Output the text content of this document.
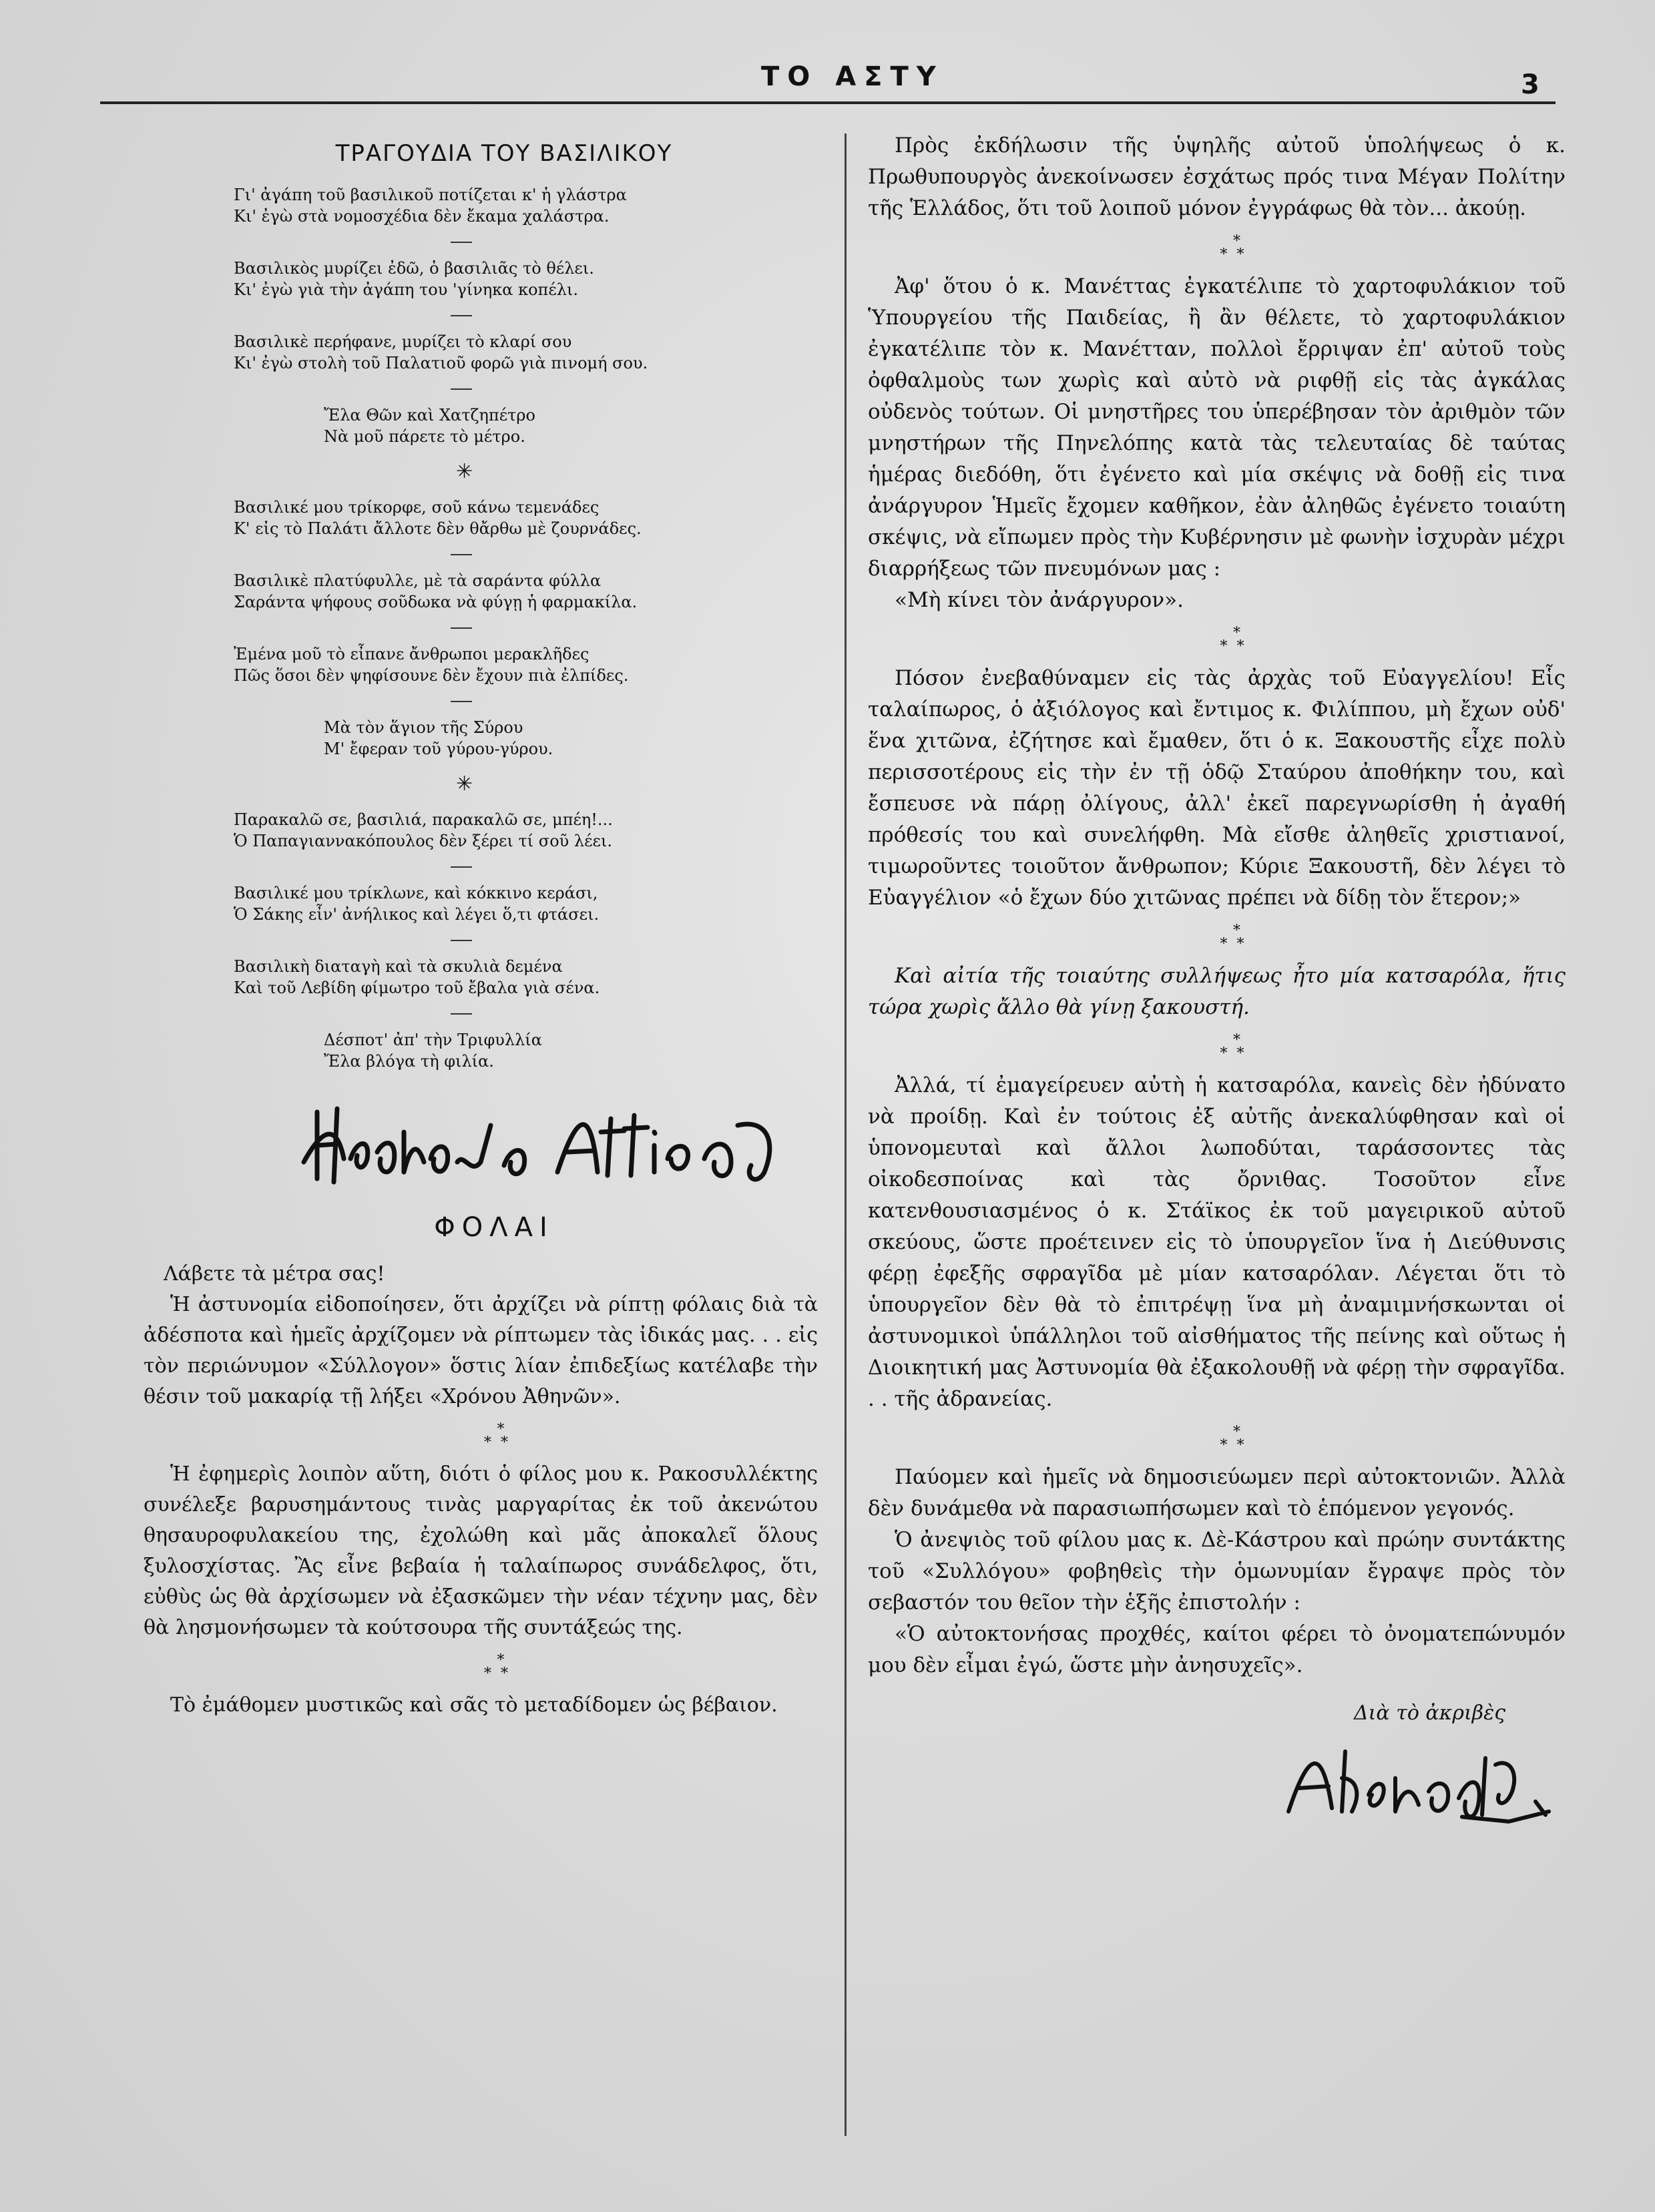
ΤΟ ΑΣΤΥ	3
ΤΡΑΓΟΥΔΙΑ ΤΟΥ ΒΑΣΙΛΙΚΟΥ
Γι' ἀγάπη τοῦ βασιλικοῦ ποτίζεται κ' ἡ γλάστρα
Κι' ἐγὼ στὰ νομοσχέδια δὲν ἔκαμα χαλάστρα.
Βασιλικὸς μυρίζει ἐδῶ, ὁ βασιλιᾶς τὸ θέλει.
Κι' ἐγὼ γιὰ τὴν ἀγάπη του 'γίνηκα κοπέλι.
Βασιλικὲ περήφανε, μυρίζει τὸ κλαρί σου
Κι' ἐγὼ στολὴ τοῦ Παλατιοῦ φορῶ γιὰ πινομή σου.
Ἔλα Θῶν καὶ Χατζηπέτρο
Νὰ μοῦ πάρετε τὸ μέτρο.
✳
Βασιλικέ μου τρίκορφε, σοῦ κάνω τεμενάδες
Κ' εἰς τὸ Παλάτι ἄλλοτε δὲν θἄρθω μὲ ζουρνάδες.
Βασιλικὲ πλατύφυλλε, μὲ τὰ σαράντα φύλλα
Σαράντα ψήφους σοῦδωκα νὰ φύγῃ ἡ φαρμακίλα.
Ἐμένα μοῦ τὸ εἶπανε ἄνθρωποι μερακλῆδες
Πῶς ὅσοι δὲν ψηφίσουνε δὲν ἔχουν πιὰ ἐλπίδες.
Μὰ τὸν ἅγιον τῆς Σύρου
Μ' ἔφεραν τοῦ γύρου-γύρου.
✳
Παρακαλῶ σε, βασιλιά, παρακαλῶ σε, μπέη!...
Ὁ Παπαγιαννακόπουλος δὲν ξέρει τί σοῦ λέει.
Βασιλικέ μου τρίκλωνε, καὶ κόκκινο κεράσι,
Ὁ Σάκης εἶν' ἀνήλικος καὶ λέγει ὅ,τι φτάσει.
Βασιλικὴ διαταγὴ καὶ τὰ σκυλιὰ δεμένα
Καὶ τοῦ Λεβίδη φίμωτρο τοῦ ἔβαλα γιὰ σένα.
Δέσποτ' ἀπ' τὴν Τριφυλλία
Ἔλα βλόγα τὴ φιλία.
ΦΟΛΑΙ

Λάβετε τὰ μέτρα σας!

Ἡ ἀστυνομία εἰδοποίησεν, ὅτι ἀρχίζει νὰ ρίπτῃ φόλαις διὰ τὰ ἀδέσποτα καὶ ἡμεῖς ἀρχίζομεν νὰ ρίπτωμεν τὰς ἰδικάς μας. . . εἰς τὸν περιώνυμον «Σύλλογον» ὅστις λίαν ἐπιδεξίως κατέλαβε τὴν θέσιν τοῦ μακαρίᾳ τῇ λήξει «Χρόνου Ἀθηνῶν».

*
**

Ἡ ἐφημερὶς λοιπὸν αὕτη, διότι ὁ φίλος μου κ. Ρακοσυλλέκτης συνέλεξε βαρυσημάντους τινὰς μαργαρίτας ἐκ τοῦ ἀκενώτου θησαυροφυλακείου της, ἐχολώθη καὶ μᾶς ἀποκαλεῖ ὅλους ξυλοσχίστας. Ἂς εἶνε βεβαία ἡ ταλαίπωρος συνάδελφος, ὅτι, εὐθὺς ὡς θὰ ἀρχίσωμεν νὰ ἐξασκῶμεν τὴν νέαν τέχνην μας, δὲν θὰ λησμονήσωμεν τὰ κούτσουρα τῆς συντάξεώς της.

*
**

Τὸ ἐμάθομεν μυστικῶς καὶ σᾶς τὸ μεταδίδομεν ὡς βέβαιον.

Πρὸς ἐκδήλωσιν τῆς ὑψηλῆς αὐτοῦ ὑπολήψεως ὁ κ. Πρωθυπουργὸς ἀνεκοίνωσεν ἐσχάτως πρός τινα Μέγαν Πολίτην τῆς Ἑλλάδος, ὅτι τοῦ λοιποῦ μόνον ἐγγράφως θὰ τὸν... ἀκούῃ.

*
**

Ἀφ' ὅτου ὁ κ. Μανέττας ἐγκατέλιπε τὸ χαρτοφυλάκιον τοῦ Ὑπουργείου τῆς Παιδείας, ἢ ἂν θέλετε, τὸ χαρτοφυλάκιον ἐγκατέλιπε τὸν κ. Μανέτταν, πολλοὶ ἔρριψαν ἐπ' αὐτοῦ τοὺς ὀφθαλμοὺς των χωρὶς καὶ αὐτὸ νὰ ριφθῇ εἰς τὰς ἀγκάλας οὐδενὸς τούτων. Οἱ μνηστῆρες του ὑπερέβησαν τὸν ἀριθμὸν τῶν μνηστήρων τῆς Πηνελόπης κατὰ τὰς τελευταίας δὲ ταύτας ἡμέρας διεδόθη, ὅτι ἐγένετο καὶ μία σκέψις νὰ δοθῇ εἰς τινα ἀνάργυρον Ἡμεῖς ἔχομεν καθῆκον, ἐὰν ἀληθῶς ἐγένετο τοιαύτη σκέψις, νὰ εἴπωμεν πρὸς τὴν Κυβέρνησιν μὲ φωνὴν ἰσχυρὰν μέχρι διαρρήξεως τῶν πνευμόνων μας :

«Μὴ κίνει τὸν ἀνάργυρον».

*
**

Πόσον ἐνεβαθύναμεν εἰς τὰς ἀρχὰς τοῦ Εὐαγγελίου! Εἷς ταλαίπωρος, ὁ ἀξιόλογος καὶ ἔντιμος κ. Φιλίππου, μὴ ἔχων οὐδ' ἕνα χιτῶνα, ἐζήτησε καὶ ἔμαθεν, ὅτι ὁ κ. Ξακουστῆς εἶχε πολὺ περισσοτέρους εἰς τὴν ἐν τῇ ὁδῷ Σταύρου ἀποθήκην του, καὶ ἔσπευσε νὰ πάρῃ ὀλίγους, ἀλλ' ἐκεῖ παρεγνωρίσθη ἡ ἀγαθή πρόθεσίς του καὶ συνελήφθη. Μὰ εἴσθε ἀληθεῖς χριστιανοί, τιμωροῦντες τοιοῦτον ἄνθρωπον; Κύριε Ξακουστῆ, δὲν λέγει τὸ Εὐαγγέλιον «ὁ ἔχων δύο χιτῶνας πρέπει νὰ δίδῃ τὸν ἕτερον;»

*
**

Καὶ αἰτία τῆς τοιαύτης συλλήψεως ἦτο μία κατσαρόλα, ἥτις τώρα χωρὶς ἄλλο θὰ γίνῃ ξακουστή.

*
**

Ἀλλά, τί ἐμαγείρευεν αὐτὴ ἡ κατσαρόλα, κανεὶς δὲν ἠδύνατο νὰ προίδῃ. Καὶ ἐν τούτοις ἐξ αὐτῆς ἀνεκαλύφθησαν καὶ οἱ ὑπονομευταὶ καὶ ἄλλοι λωποδύται, ταράσσοντες τὰς οἰκοδεσποίνας καὶ τὰς ὄρνιθας. Τοσοῦτον εἶνε κατενθουσιασμένος ὁ κ. Στάϊκος ἐκ τοῦ μαγειρικοῦ αὐτοῦ σκεύους, ὥστε προέτεινεν εἰς τὸ ὑπουργεῖον ἵνα ἡ Διεύθυνσις φέρῃ ἐφεξῆς σφραγῖδα μὲ μίαν κατσαρόλαν. Λέγεται ὅτι τὸ ὑπουργεῖον δὲν θὰ τὸ ἐπιτρέψῃ ἵνα μὴ ἀναμιμνήσκωνται οἱ ἀστυνομικοὶ ὑπάλληλοι τοῦ αἰσθήματος τῆς πείνης καὶ οὕτως ἡ Διοικητική μας Ἀστυνομία θὰ ἐξακολουθῇ νὰ φέρῃ τὴν σφραγῖδα. . . τῆς ἀδρανείας.

*
**

Παύομεν καὶ ἡμεῖς νὰ δημοσιεύωμεν περὶ αὐτοκτονιῶν. Ἀλλὰ δὲν δυνάμεθα νὰ παρασιωπήσωμεν καὶ τὸ ἑπόμενον γεγονός.

Ὁ ἀνεψιὸς τοῦ φίλου μας κ. Δὲ-Κάστρου καὶ πρώην συντάκτης τοῦ «Συλλόγου» φοβηθεὶς τὴν ὁμωνυμίαν ἔγραψε πρὸς τὸν σεβαστόν του θεῖον τὴν ἑξῆς ἐπιστολήν :

«Ὁ αὐτοκτονήσας προχθές, καίτοι φέρει τὸ ὀνοματεπώνυμόν μου δὲν εἶμαι ἐγώ, ὥστε μὴν ἀνησυχεῖς».

Διὰ τὸ ἀκριβὲς
